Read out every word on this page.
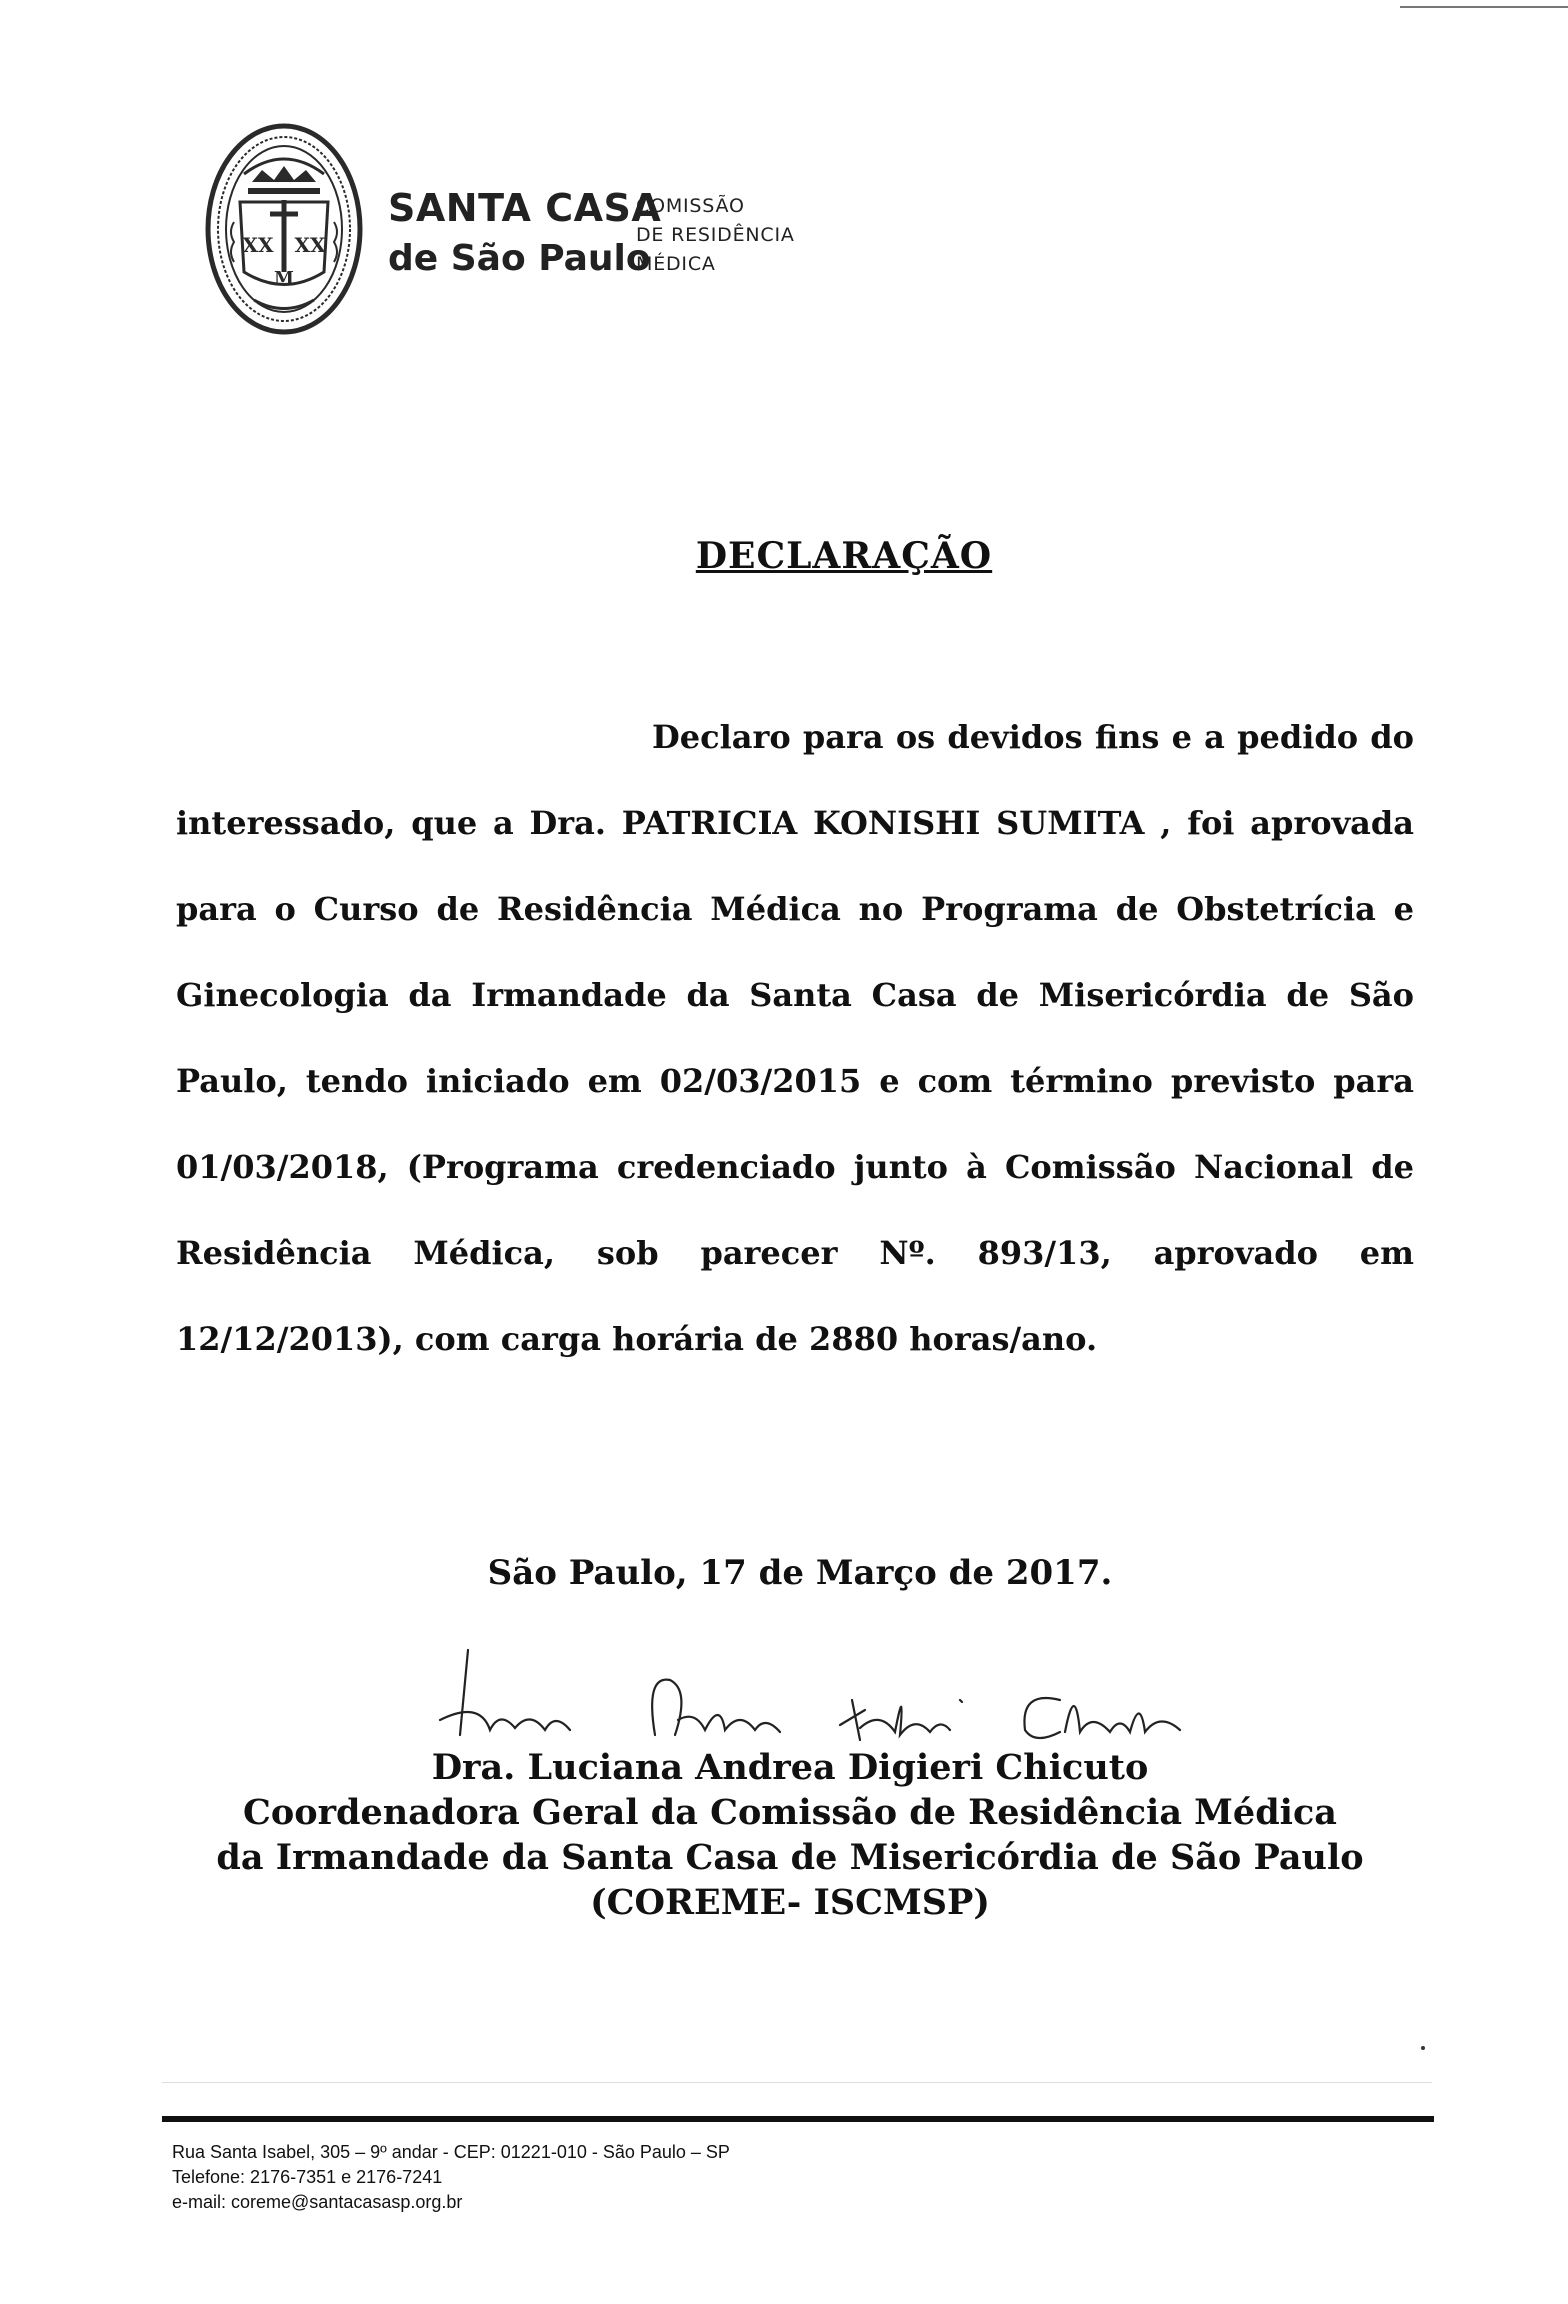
XX XX
M
SANTA CASA
de São Paulo
COMISSÃO
DE RESIDÊNCIA
MÉDICA
DECLARAÇÃO
Declaro para os devidos fins e a pedido do interessado, que a Dra. PATRICIA KONISHI SUMITA , foi aprovada para o Curso de Residência Médica no Programa de Obstetrícia e Ginecologia da Irmandade da Santa Casa de Misericórdia de São Paulo, tendo iniciado em 02/03/2015 e com término previsto para 01/03/2018, (Programa credenciado junto à Comissão Nacional de Residência Médica, sob parecer Nº. 893/13, aprovado em 12/12/2013), com carga horária de 2880 horas/ano.
São Paulo, 17 de Março de 2017.
Dra. Luciana Andrea Digieri Chicuto
Coordenadora Geral da Comissão de Residência Médica
da Irmandade da Santa Casa de Misericórdia de São Paulo
(COREME- ISCMSP)
Rua Santa Isabel, 305 – 9º andar - CEP: 01221-010 - São Paulo – SP
Telefone: 2176-7351 e 2176-7241
e-mail: coreme@santacasasp.org.br
